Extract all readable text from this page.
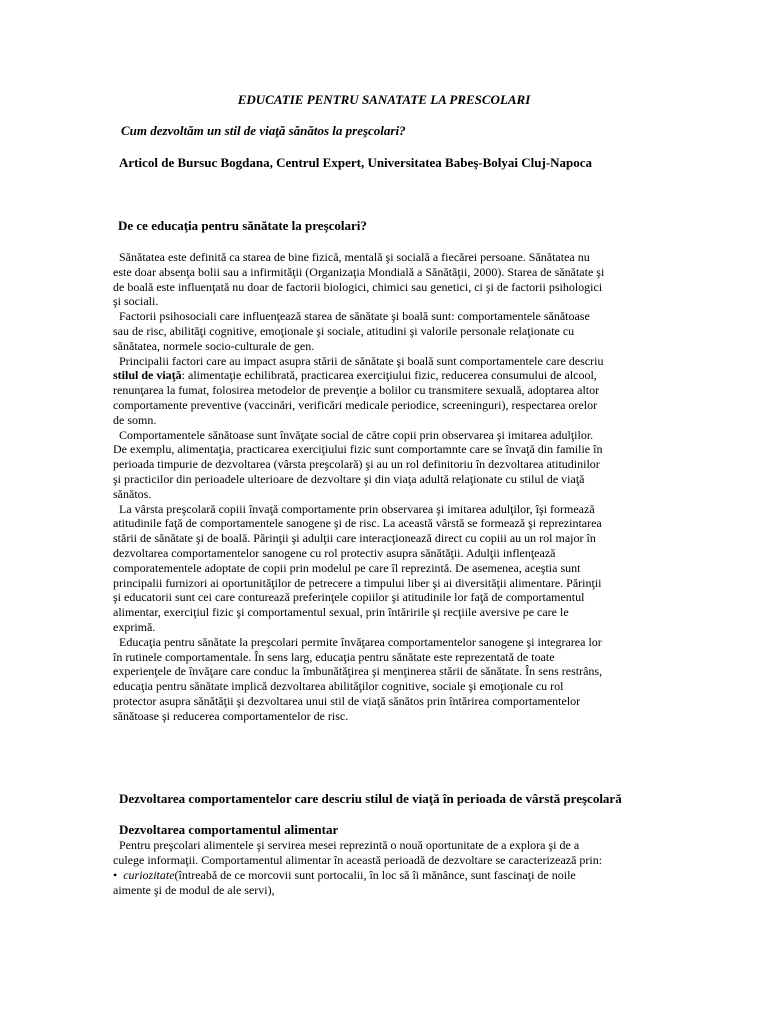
EDUCATIE PENTRU SANATATE LA PRESCOLARI
Cum dezvoltăm un stil de viaţă sănătos la preşcolari?
Articol de Bursuc Bogdana, Centrul Expert, Universitatea Babeş-Bolyai Cluj-Napoca
De ce educaţia pentru sănătate la preşcolari?

Sănătatea este definită ca starea de bine fizică, mentală şi socială a fiecărei persoane. Sănătatea nu

este doar absenţa bolii sau a infirmităţii (Organizaţia Mondială a Sănătăţii, 2000). Starea de sănătate şi

de boală este influenţată nu doar de factorii biologici, chimici sau genetici, ci şi de factorii psihologici

şi sociali.

Factorii psihosociali care influenţează starea de sănătate şi boală sunt: comportamentele sănătoase

sau de risc, abilităţi cognitive, emoţionale şi sociale, atitudini şi valorile personale relaţionate cu

sănătatea, normele socio-culturale de gen.

Principalii factori care au impact asupra stării de sănătate şi boală sunt comportamentele care descriu

stilul de viaţă: alimentaţie echilibrată, practicarea exerciţiului fizic, reducerea consumului de alcool,

renunţarea la fumat, folosirea metodelor de prevenţie a bolilor cu transmitere sexuală, adoptarea altor

comportamente preventive (vaccinări, verificări medicale periodice, screeninguri), respectarea orelor

de somn.

Comportamentele sănătoase sunt învăţate social de către copii prin observarea şi imitarea adulţilor.

De exemplu, alimentaţia, practicarea exerciţiului fizic sunt comportamnte care se învaţă din familie în

perioada timpurie de dezvoltarea (vârsta preşcolară) şi au un rol definitoriu în dezvoltarea atitudinilor

şi practicilor din perioadele ulterioare de dezvoltare şi din viaţa adultă relaţionate cu stilul de viaţă

sănătos.

La vârsta preşcolară copiii învaţă comportamente prin observarea şi imitarea adulţilor, îşi formează

atitudinile faţă de comportamentele sanogene şi de risc. La această vârstă se formează şi reprezintarea

stării de sănătate şi de boală. Părinţii şi adulţii care interacţionează direct cu copiii au un rol major în

dezvoltarea comportamentelor sanogene cu rol protectiv asupra sănătăţii. Adulţii inflenţează

comporatementele adoptate de copii prin modelul pe care îl reprezintă. De asemenea, aceştia sunt

principalii furnizori ai oportunităţilor de petrecere a timpului liber şi ai diversităţii alimentare. Părinţii

şi educatorii sunt cei care conturează preferinţele copiilor şi atitudinile lor faţă de comportamentul

alimentar, exerciţiul fizic şi comportamentul sexual, prin întăririle şi recţiile aversive pe care le

exprimă.

Educaţia pentru sănătate la preşcolari permite învăţarea comportamentelor sanogene şi integrarea lor

în rutinele comportamentale. În sens larg, educaţia pentru sănătate este reprezentată de toate

experienţele de învăţare care conduc la îmbunătăţirea şi menţinerea stării de sănătate. În sens restrâns,

educaţia pentru sănătate implică dezvoltarea abilităţilor cognitive, sociale şi emoţionale cu rol

protector asupra sănătăţii şi dezvoltarea unui stil de viaţă sănătos prin întărirea comportamentelor

sănătoase şi reducerea comportamentelor de risc.

Dezvoltarea comportamentelor care descriu stilul de viaţă în perioada de vârstă preşcolară
Dezvoltarea comportamentul alimentar

Pentru preşcolari alimentele şi servirea mesei reprezintă o nouă oportunitate de a explora şi de a

culege informaţii. Comportamentul alimentar în această perioadă de dezvoltare se caracterizează prin:

• curiozitate(întreabă de ce morcovii sunt portocalii, în loc să îi mănânce, sunt fascinaţi de noile

aimente şi de modul de ale servi),
